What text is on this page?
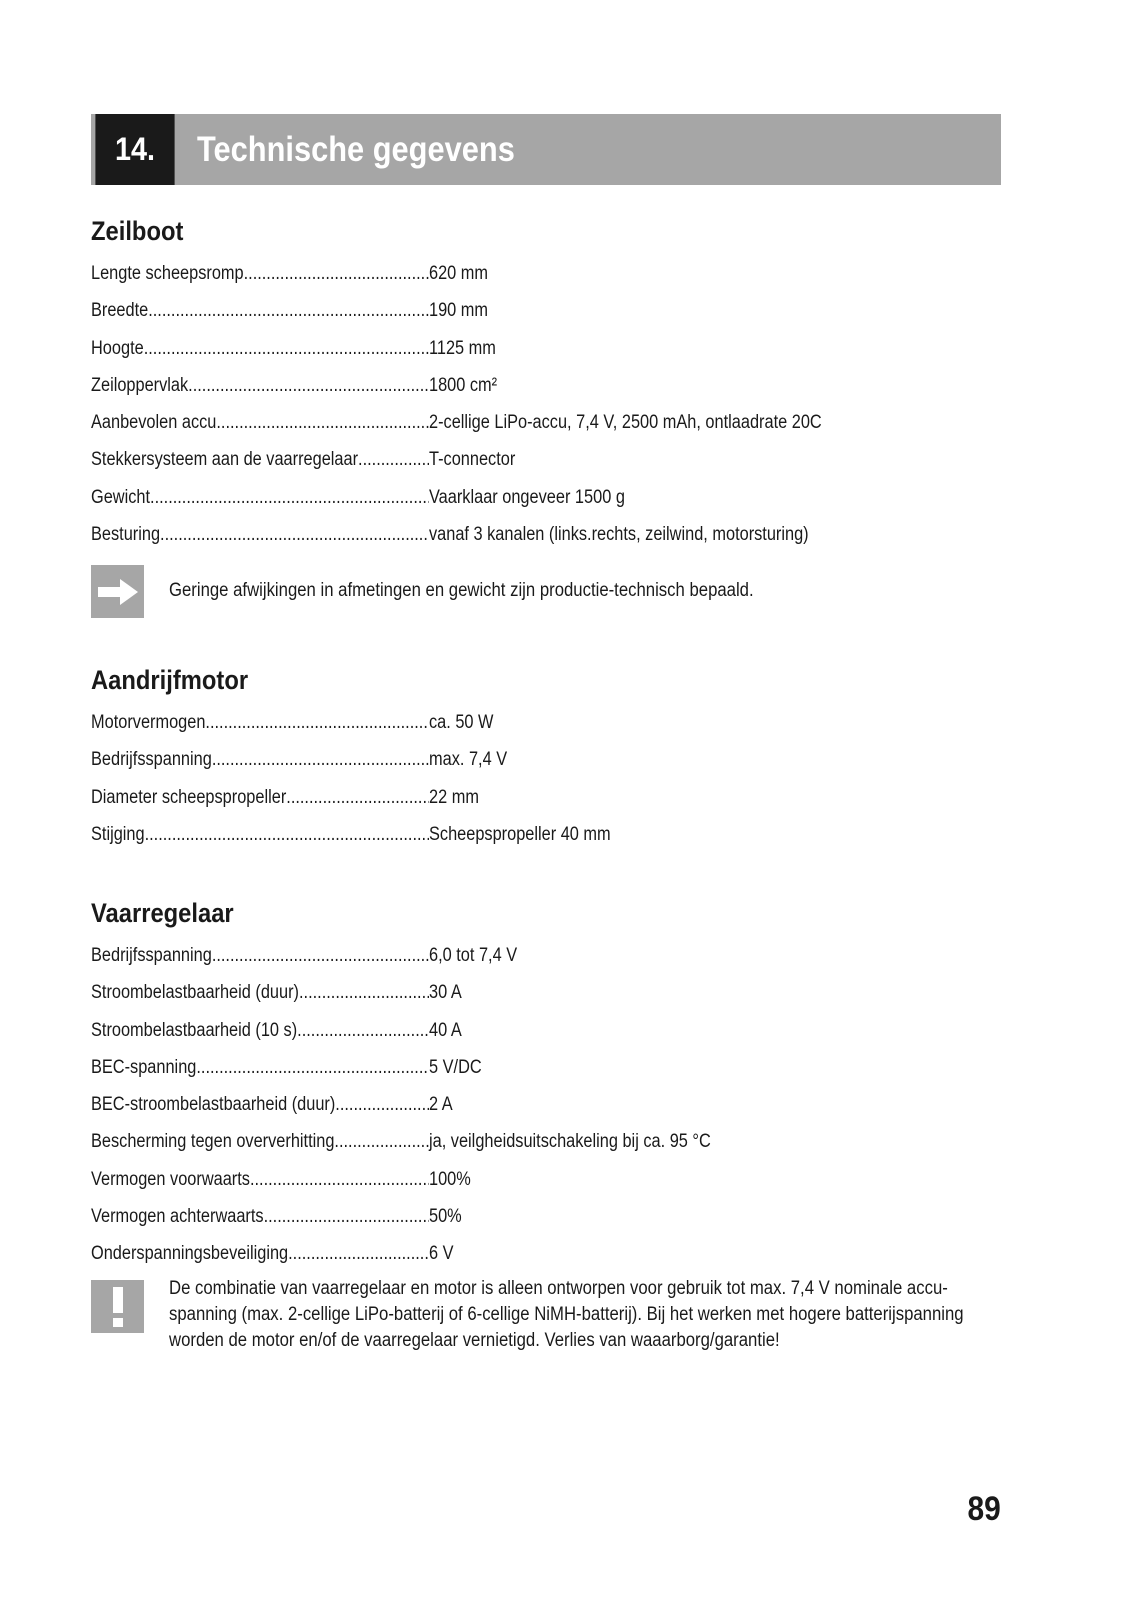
14.	Technische gegevens
Zeilboot
Lengte scheepsromp .....	620 mm
Breedte .....	190 mm
Hoogte .....	1125 mm
Zeiloppervlak .....	1800 cm²
Aanbevolen accu .....	2-cellige LiPo-accu, 7,4 V, 2500 mAh, ontlaadrate 20C
Stekkersysteem aan de vaarregelaar .....	T-connector
Gewicht .....	Vaarklaar ongeveer 1500 g
Besturing .....	vanaf 3 kanalen (links.rechts, zeilwind, motorsturing)
Geringe afwijkingen in afmetingen en gewicht zijn productie-technisch bepaald.
Aandrijfmotor
Motorvermogen .....	ca. 50 W
Bedrijfsspanning .....	max. 7,4 V
Diameter scheepspropeller .....	22 mm
Stijging .....	Scheepspropeller 40 mm
Vaarregelaar
Bedrijfsspanning .....	6,0 tot 7,4 V
Stroombelastbaarheid (duur) .....	30 A
Stroombelastbaarheid (10 s) .....	40 A
BEC-spanning .....	5 V/DC
BEC-stroombelastbaarheid (duur) .....	2 A
Bescherming tegen oververhitting .....	ja, veilgheidsuitschakeling bij ca. 95 °C
Vermogen voorwaarts .....	100%
Vermogen achterwaarts .....	50%
Onderspanningsbeveiliging .....	6 V
De combinatie van vaarregelaar en motor is alleen ontworpen voor gebruik tot max. 7,4 V nominale accu-spanning (max. 2-cellige LiPo-batterij of 6-cellige NiMH-batterij). Bij het werken met hogere batterijspanning worden de motor en/of de vaarregelaar vernietigd. Verlies van waaarborg/garantie!
89
